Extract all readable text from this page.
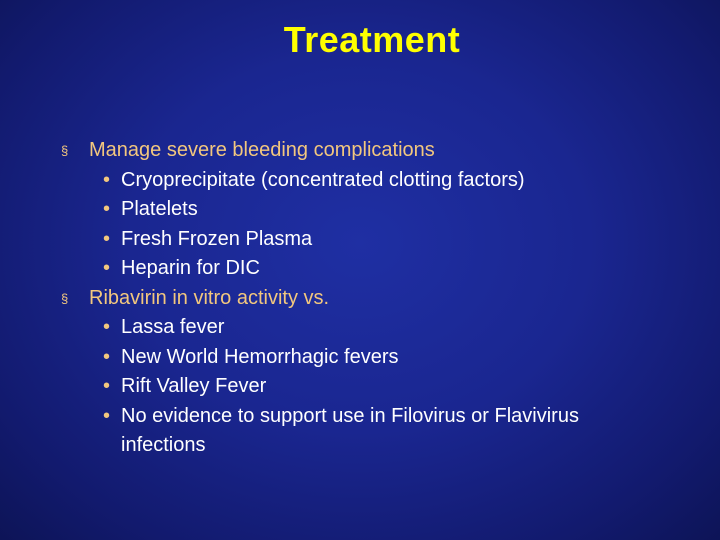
Treatment
§ Manage severe bleeding complications
• Cryoprecipitate (concentrated clotting factors)
• Platelets
• Fresh Frozen Plasma
• Heparin for DIC
§ Ribavirin in vitro activity vs.
• Lassa fever
• New World Hemorrhagic fevers
• Rift Valley Fever
• No evidence to support use in Filovirus or Flavivirus infections
